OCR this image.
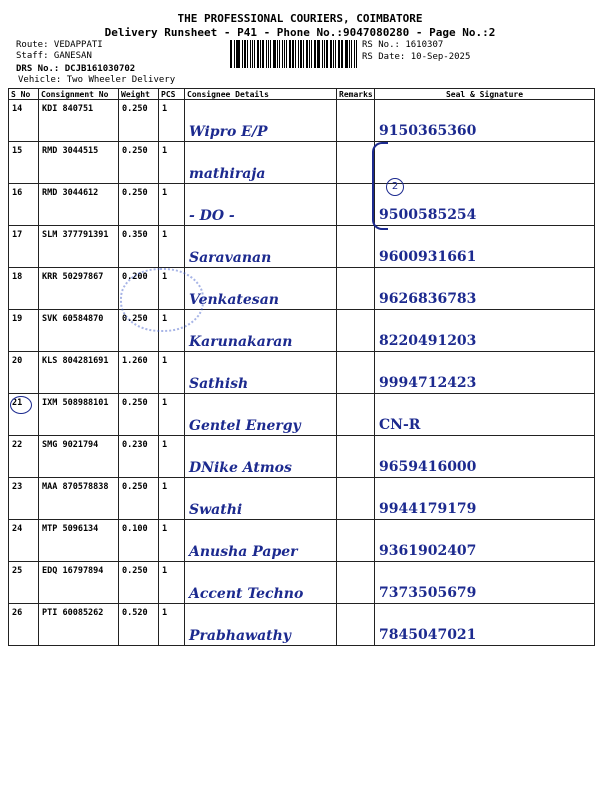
THE PROFESSIONAL COURIERS, COIMBATORE
Delivery Runsheet - P41 - Phone No.:9047080280 - Page No.:2
Route: VEDAPPATI
Staff: GANESAN
DRS No.: DCJB161030702
Vehicle: Two Wheeler Delivery
RS No.: 1610307
RS Date: 10-Sep-2025
S No	Consignment No	Weight	PCS	Consignee Details	Remarks	Seal & Signature
14	KDI 840751	0.250	1	Wipro E/P		9150365360

15	RMD 3044515	0.250	1	mathiraja		

16	RMD 3044612	0.250	1	- DO -		9500585254

17	SLM 377791391	0.350	1	Saravanan		9600931661

18	KRR 50297867	0.200	1	Venkatesan		9626836783

19	SVK 60584870	0.250	1	Karunakaran		8220491203

20	KLS 804281691	1.260	1	Sathish		9994712423

21	IXM 508988101	0.250	1	Gentel Energy		CN-R

22	SMG 9021794	0.230	1	DNike Atmos		9659416000

23	MAA 870578838	0.250	1	Swathi		9944179179

24	MTP 5096134	0.100	1	Anusha Paper		9361902407

25	EDQ 16797894	0.250	1	Accent Techno		7373505679

26	PTI 60085262	0.520	1	Prabhawathy		7845047021
2
